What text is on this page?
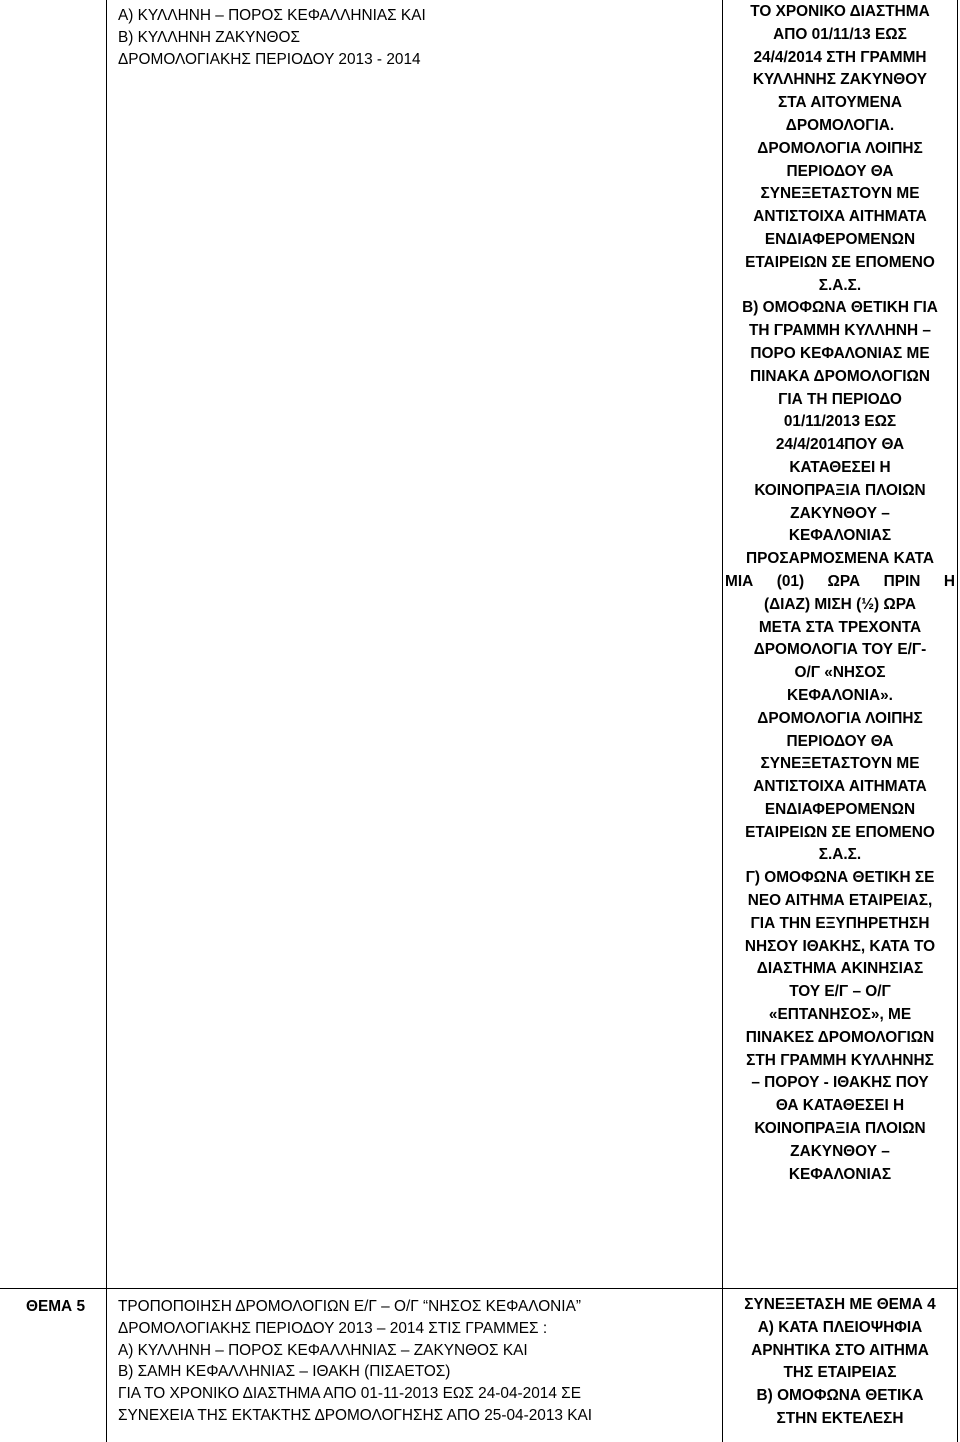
Α) ΚΥΛΛΗΝΗ – ΠΟΡΟΣ ΚΕΦΑΛΛΗΝΙΑΣ ΚΑΙ

Β) ΚΥΛΛΗΝΗ ΖΑΚΥΝΘΟΣ

ΔΡΟΜΟΛΟΓΙΑΚΗΣ ΠΕΡΙΟΔΟΥ 2013 - 2014

ΤΟ ΧΡΟΝΙΚΟ ΔΙΑΣΤΗΜΑ
ΑΠΟ 01/11/13 ΕΩΣ
24/4/2014 ΣΤΗ ΓΡΑΜΜΗ
ΚΥΛΛΗΝΗΣ ΖΑΚΥΝΘΟΥ
ΣΤΑ ΑΙΤΟΥΜΕΝΑ
ΔΡΟΜΟΛΟΓΙΑ.
ΔΡΟΜΟΛΟΓΙΑ ΛΟΙΠΗΣ
ΠΕΡΙΟΔΟΥ ΘΑ
ΣΥΝΕΞΕΤΑΣΤΟΥΝ ΜΕ
ΑΝΤΙΣΤΟΙΧΑ ΑΙΤΗΜΑΤΑ
ΕΝΔΙΑΦΕΡΟΜΕΝΩΝ
ΕΤΑΙΡΕΙΩΝ ΣΕ ΕΠΟΜΕΝΟ
Σ.Α.Σ.
Β) ΟΜΟΦΩΝΑ ΘΕΤΙΚΗ ΓΙΑ
ΤΗ ΓΡΑΜΜΗ ΚΥΛΛΗΝΗ –
ΠΟΡΟ ΚΕΦΑΛΟΝΙΑΣ ΜΕ
ΠΙΝΑΚΑ ΔΡΟΜΟΛΟΓΙΩΝ
ΓΙΑ ΤΗ ΠΕΡΙΟΔΟ
01/11/2013 ΕΩΣ
24/4/2014ΠΟΥ ΘΑ
ΚΑΤΑΘΕΣΕΙ Η
ΚΟΙΝΟΠΡΑΞΙΑ ΠΛΟΙΩΝ
ΖΑΚΥΝΘΟΥ –
ΚΕΦΑΛΟΝΙΑΣ
ΠΡΟΣΑΡΜΟΣΜΕΝΑ ΚΑΤΑ
ΜΙΑ (01) ΩΡΑ ΠΡΙΝ Η
(ΔΙΑΖ) ΜΙΣΗ (½) ΩΡΑ
ΜΕΤΑ ΣΤΑ ΤΡΕΧΟΝΤΑ
ΔΡΟΜΟΛΟΓΙΑ ΤΟΥ Ε/Γ-
Ο/Γ «ΝΗΣΟΣ
ΚΕΦΑΛΟΝΙΑ».
ΔΡΟΜΟΛΟΓΙΑ ΛΟΙΠΗΣ
ΠΕΡΙΟΔΟΥ ΘΑ
ΣΥΝΕΞΕΤΑΣΤΟΥΝ ΜΕ
ΑΝΤΙΣΤΟΙΧΑ ΑΙΤΗΜΑΤΑ
ΕΝΔΙΑΦΕΡΟΜΕΝΩΝ
ΕΤΑΙΡΕΙΩΝ ΣΕ ΕΠΟΜΕΝΟ
Σ.Α.Σ.
Γ) ΟΜΟΦΩΝΑ ΘΕΤΙΚΗ ΣΕ
ΝΕΟ ΑΙΤΗΜΑ ΕΤΑΙΡΕΙΑΣ,
ΓΙΑ ΤΗΝ ΕΞΥΠΗΡΕΤΗΣΗ
ΝΗΣΟΥ ΙΘΑΚΗΣ, ΚΑΤΑ ΤΟ
ΔΙΑΣΤΗΜΑ ΑΚΙΝΗΣΙΑΣ
ΤΟΥ Ε/Γ – Ο/Γ
«ΕΠΤΑΝΗΣΟΣ», ΜΕ
ΠΙΝΑΚΕΣ ΔΡΟΜΟΛΟΓΙΩΝ
ΣΤΗ ΓΡΑΜΜΗ ΚΥΛΛΗΝΗΣ
– ΠΟΡΟΥ - ΙΘΑΚΗΣ ΠΟΥ
ΘΑ ΚΑΤΑΘΕΣΕΙ Η
ΚΟΙΝΟΠΡΑΞΙΑ ΠΛΟΙΩΝ
ΖΑΚΥΝΘΟΥ –
ΚΕΦΑΛΟΝΙΑΣ
ΘΕΜΑ 5 ΤΡΟΠΟΠΟΙΗΣΗ ΔΡΟΜΟΛΟΓΙΩΝ Ε/Γ – Ο/Γ “ΝΗΣΟΣ ΚΕΦΑΛΟΝΙΑ”

ΔΡΟΜΟΛΟΓΙΑΚΗΣ ΠΕΡΙΟΔΟΥ 2013 – 2014 ΣΤΙΣ ΓΡΑΜΜΕΣ :

Α) ΚΥΛΛΗΝΗ – ΠΟΡΟΣ ΚΕΦΑΛΛΗΝΙΑΣ – ΖΑΚΥΝΘΟΣ ΚΑΙ

Β) ΣΑΜΗ ΚΕΦΑΛΛΗΝΙΑΣ – ΙΘΑΚΗ (ΠΙΣΑΕΤΟΣ)

ΓΙΑ ΤΟ ΧΡΟΝΙΚΟ ΔΙΑΣΤΗΜΑ ΑΠΟ 01-11-2013 ΕΩΣ 24-04-2014 ΣΕ

ΣΥΝΕΧΕΙΑ ΤΗΣ ΕΚΤΑΚΤΗΣ ΔΡΟΜΟΛΟΓΗΣΗΣ ΑΠΟ 25-04-2013 ΚΑΙ

ΣΥΝΕΞΕΤΑΣΗ ΜΕ ΘΕΜΑ 4
Α) ΚΑΤΑ ΠΛΕΙΟΨΗΦΙΑ
ΑΡΝΗΤΙΚΑ ΣΤΟ ΑΙΤΗΜΑ
ΤΗΣ ΕΤΑΙΡΕΙΑΣ
Β) ΟΜΟΦΩΝΑ ΘΕΤΙΚΑ
ΣΤΗΝ ΕΚΤΕΛΕΣΗ
